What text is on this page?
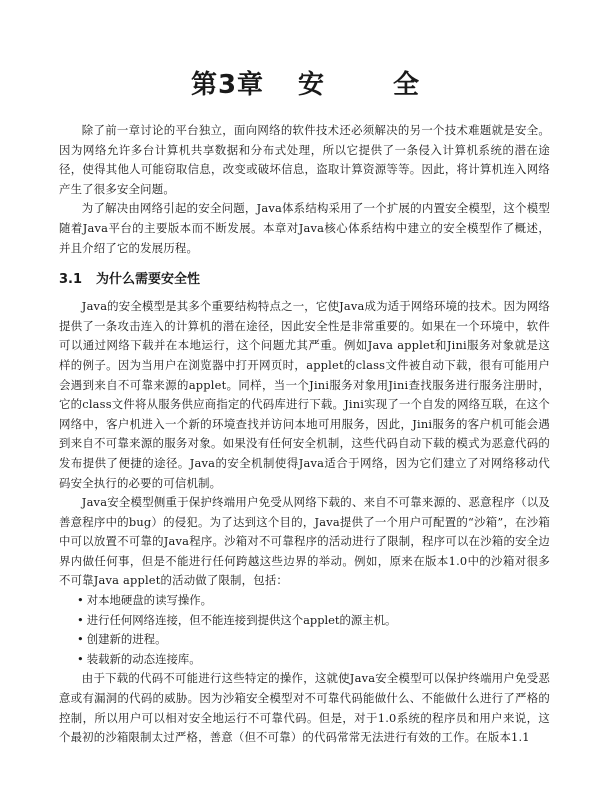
第3章 安	全

除了前一章讨论的平台独立，面向网络的软件技术还必须解决的另一个技术难题就是安全。因为网络允许多台计算机共享数据和分布式处理，所以它提供了一条侵入计算机系统的潜在途径，使得其他人可能窃取信息，改变或破坏信息，盗取计算资源等等。因此，将计算机连入网络产生了很多安全问题。

为了解决由网络引起的安全问题，Java体系结构采用了一个扩展的内置安全模型，这个模型随着Java平台的主要版本而不断发展。本章对Java核心体系结构中建立的安全模型作了概述，并且介绍了它的发展历程。

3.1 为什么需要安全性

Java的安全模型是其多个重要结构特点之一，它使Java成为适于网络环境的技术。因为网络提供了一条攻击连入的计算机的潜在途径，因此安全性是非常重要的。如果在一个环境中，软件可以通过网络下载并在本地运行，这个问题尤其严重。例如Java applet和Jini服务对象就是这样的例子。因为当用户在浏览器中打开网页时，applet的class文件被自动下载，很有可能用户会遇到来自不可靠来源的applet。同样，当一个Jini服务对象用Jini查找服务进行服务注册时，它的class文件将从服务供应商指定的代码库进行下载。Jini实现了一个自发的网络互联，在这个网络中，客户机进入一个新的环境查找并访问本地可用服务，因此，Jini服务的客户机可能会遇到来自不可靠来源的服务对象。如果没有任何安全机制，这些代码自动下载的模式为恶意代码的发布提供了便捷的途径。Java的安全机制使得Java适合于网络，因为它们建立了对网络移动代码安全执行的必要的可信机制。

Java安全模型侧重于保护终端用户免受从网络下载的、来自不可靠来源的、恶意程序（以及善意程序中的bug）的侵犯。为了达到这个目的，Java提供了一个用户可配置的“沙箱”，在沙箱中可以放置不可靠的Java程序。沙箱对不可靠程序的活动进行了限制，程序可以在沙箱的安全边界内做任何事，但是不能进行任何跨越这些边界的举动。例如，原来在版本1.0中的沙箱对很多不可靠Java applet的活动做了限制，包括：

• 对本地硬盘的读写操作。
• 进行任何网络连接，但不能连接到提供这个applet的源主机。
• 创建新的进程。
• 装载新的动态连接库。

由于下载的代码不可能进行这些特定的操作，这就使Java安全模型可以保护终端用户免受恶意或有漏洞的代码的威胁。因为沙箱安全模型对不可靠代码能做什么、不能做什么进行了严格的控制，所以用户可以相对安全地运行不可靠代码。但是，对于1.0系统的程序员和用户来说，这个最初的沙箱限制太过严格，善意（但不可靠）的代码常常无法进行有效的工作。在版本1.1
